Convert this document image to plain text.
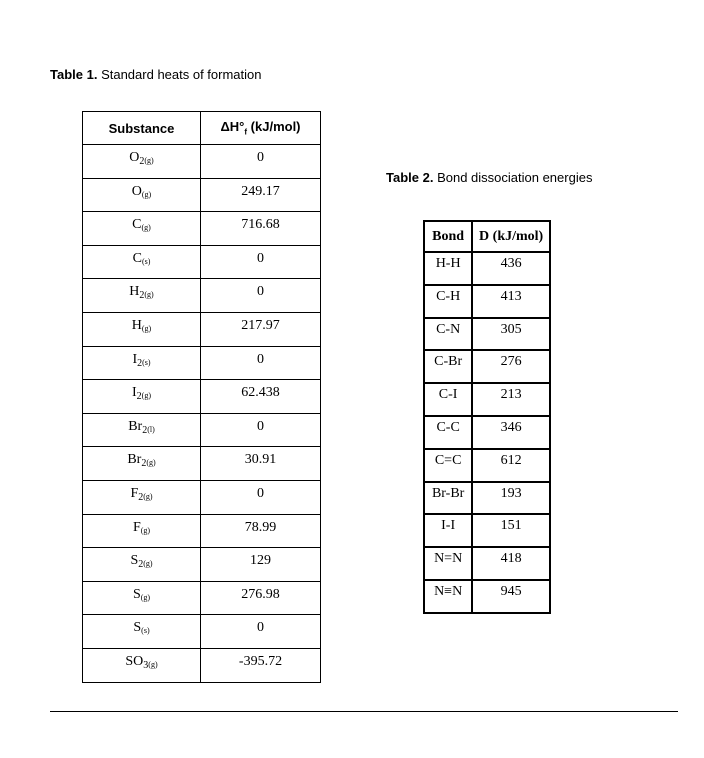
Table 1. Standard heats of formation
Substance	$\Delta H^\circ_f$ (kJ/mol)

$O_{2(g)}$	0

$O_{(g)}$	249.17

$C_{(g)}$	716.68

$C_{(s)}$	0

$H_{2(g)}$	0

$H_{(g)}$	217.97

$I_{2(s)}$	0

$I_{2(g)}$	62.438

$Br_{2(l)}$	0

$Br_{2(g)}$	30.91

$F_{2(g)}$	0

$F_{(g)}$	78.99

$S_{2(g)}$	129

$S_{(g)}$	276.98

$S_{(s)}$	0

$SO_{3(g)}$	-395.72
Table 2. Bond dissociation energies
Bond	D (kJ/mol)

H-H	436

C-H	413

C-N	305

C-Br	276

C-I	213

C-C	346

C=C	612

Br-Br	193

I-I	151

N=N	418

N≡N	945
